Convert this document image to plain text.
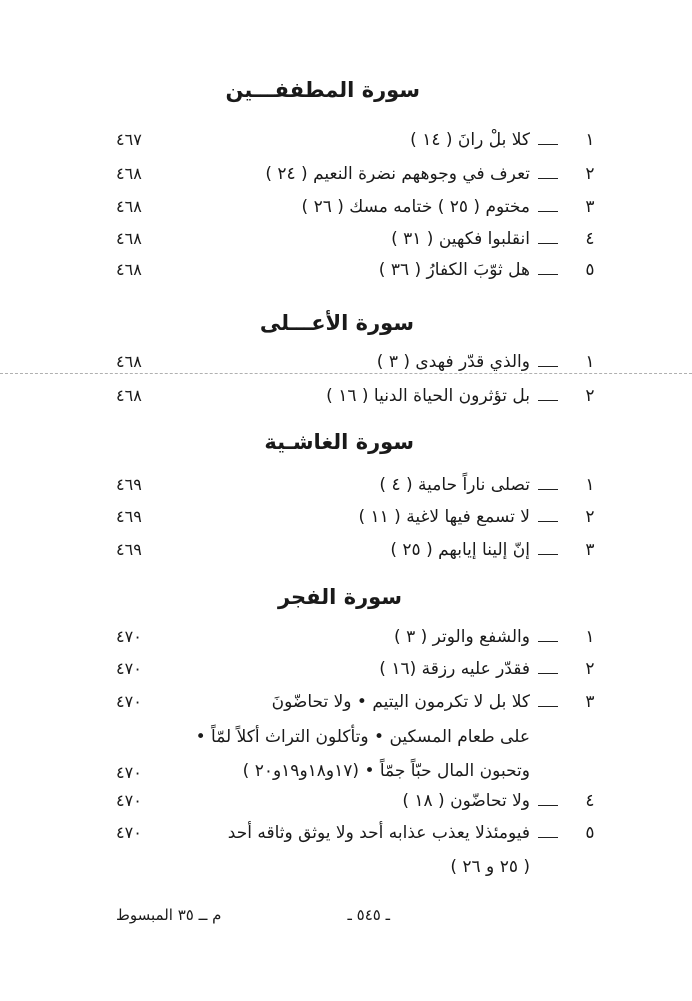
سورة المطففـــين
١
كلا بلْ رانَ ( ١٤ )
٤٦٧
٢
تعرف في وجوههم نضرة النعيم ( ٢٤ )
٤٦٨
٣
مختوم ( ٢٥ ) ختامه مسك ( ٢٦ )
٤٦٨
٤
انقلبوا فكهين ( ٣١ )
٤٦٨
٥
هل ثوّبَ الكفارُ ( ٣٦ )
٤٦٨
سورة الأعـــلى
١
والذي قدّر فهدى ( ٣ )
٤٦٨
٢
بل تؤثرون الحياة الدنيا ( ١٦ )
٤٦٨
سورة الغاشـية
١
تصلى ناراً حامية ( ٤ )
٤٦٩
٢
لا تسمع فيها لاغية ( ١١ )
٤٦٩
٣
إنّ إلينا إيابهم ( ٢٥ )
٤٦٩
سورة الفجر
١
والشفع والوتر ( ٣ )
٤٧٠
٢
فقدّر عليه رزقة (١٦ )
٤٧٠
٣
كلا بل لا تكرمون اليتيم • ولا تحاضّونَ
٤٧٠
على طعام المسكين • وتأكلون التراث أكلاً لمّاً •
وتحبون المال حبّاً جمّاً • (١٧و١٨و١٩و٢٠ )
٤٧٠
٤
ولا تحاضّون ( ١٨ )
٤٧٠
٥
فيومئذلا يعذب عذابه أحد ولا يوثق وثاقه أحد
٤٧٠
( ٢٥ و ٢٦ )
ـ ٥٤٥ ـ
م ــ ٣٥ المبسوط
